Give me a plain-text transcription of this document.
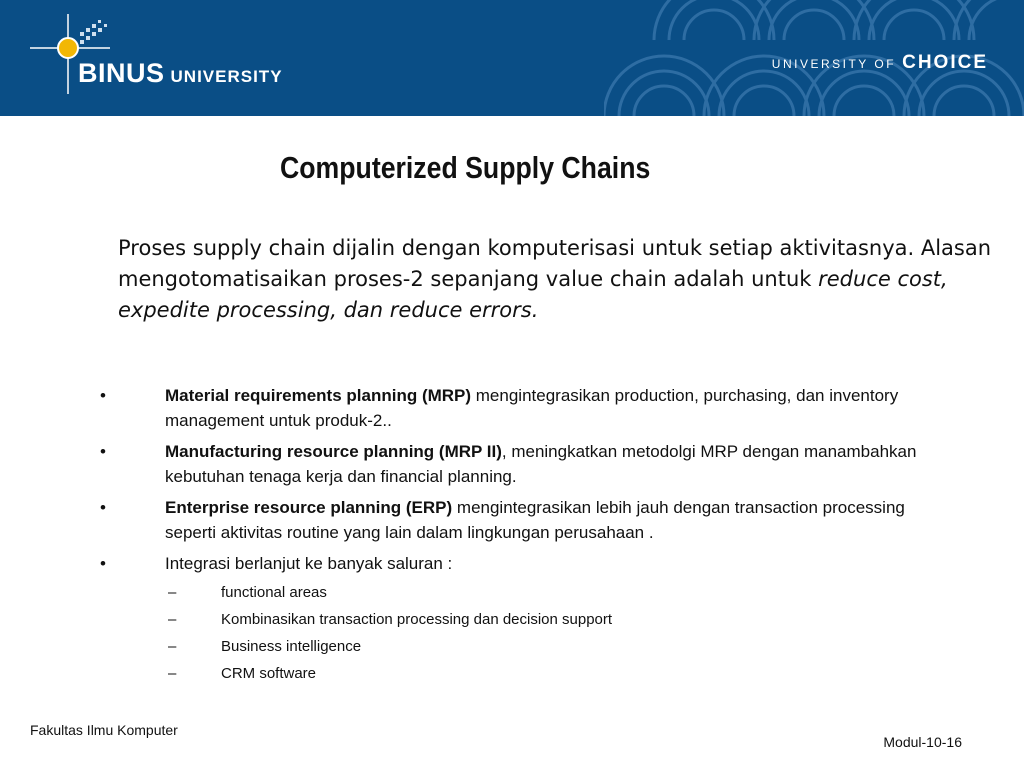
BINUS UNIVERSITY
UNIVERSITY OF CHOICE
Computerized Supply Chains
Proses supply chain dijalin dengan komputerisasi untuk setiap aktivitasnya. Alasan mengotomatisaikan proses-2 sepanjang value chain adalah untuk reduce cost, expedite processing, dan reduce errors.
•	Material requirements planning (MRP) mengintegrasikan production, purchasing, dan inventory management untuk produk-2..
•	Manufacturing resource planning (MRP II), meningkatkan metodolgi MRP dengan manambahkan kebutuhan tenaga kerja dan financial planning.
•	Enterprise resource planning (ERP) mengintegrasikan lebih jauh dengan transaction processing seperti aktivitas routine yang lain dalam lingkungan perusahaan .
•	Integrasi berlanjut ke banyak saluran :
–	functional areas
–	Kombinasikan transaction processing dan decision support
–	Business intelligence
–	CRM software
Fakultas Ilmu Komputer
Modul-10-16
